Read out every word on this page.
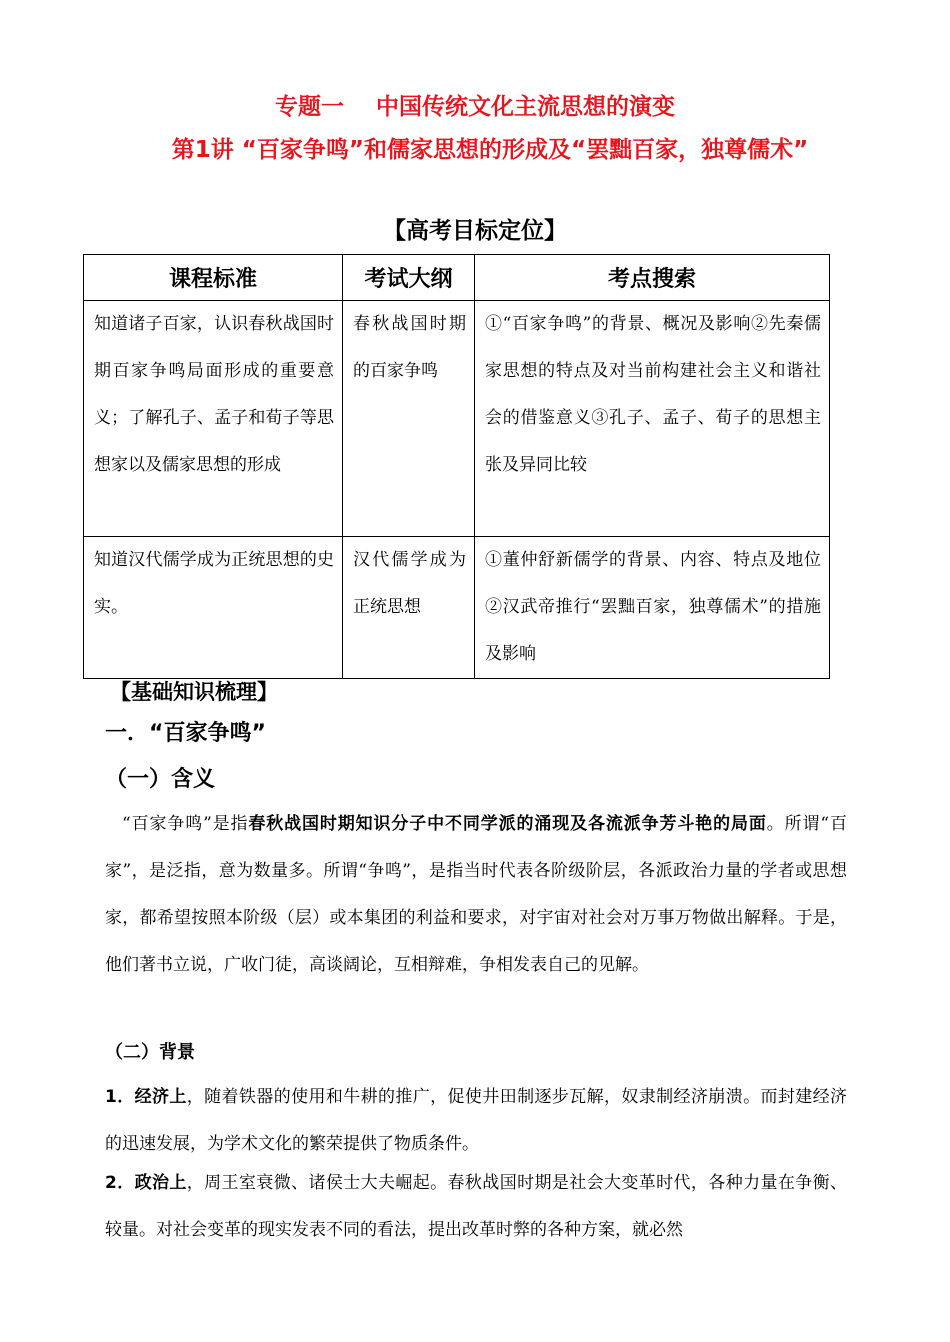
专题一    中国传统文化主流思想的演变
第1讲 “百家争鸣”和儒家思想的形成及“罢黜百家，独尊儒术”
【高考目标定位】
课程标准	考试大纲	考点搜索
知道诸子百家，认识春秋战国时期百家争鸣局面形成的重要意义；了解孔子、孟子和荀子等思想家以及儒家思想的形成	春秋战国时期的百家争鸣	①“百家争鸣”的背景、概况及影响②先秦儒家思想的特点及对当前构建社会主义和谐社会的借鉴意义③孔子、孟子、荀子的思想主张及异同比较
知道汉代儒学成为正统思想的史实。	汉代儒学成为正统思想	①董仲舒新儒学的背景、内容、特点及地位②汉武帝推行“罢黜百家，独尊儒术”的措施及影响
【基础知识梳理】
一．“百家争鸣”
（一）含义
 “百家争鸣”是指春秋战国时期知识分子中不同学派的涌现及各流派争芳斗艳的局面。所谓“百家”，是泛指，意为数量多。所谓“争鸣”，是指当时代表各阶级阶层，各派政治力量的学者或思想家，都希望按照本阶级（层）或本集团的利益和要求，对宇宙对社会对万事万物做出解释。于是，他们著书立说，广收门徒，高谈阔论，互相辩难，争相发表自己的见解。
（二）背景
1．经济上，随着铁器的使用和牛耕的推广，促使井田制逐步瓦解，奴隶制经济崩溃。而封建经济的迅速发展，为学术文化的繁荣提供了物质条件。
2．政治上，周王室衰微、诸侯士大夫崛起。春秋战国时期是社会大变革时代，各种力量在争衡、较量。对社会变革的现实发表不同的看法，提出改革时弊的各种方案，就必然
